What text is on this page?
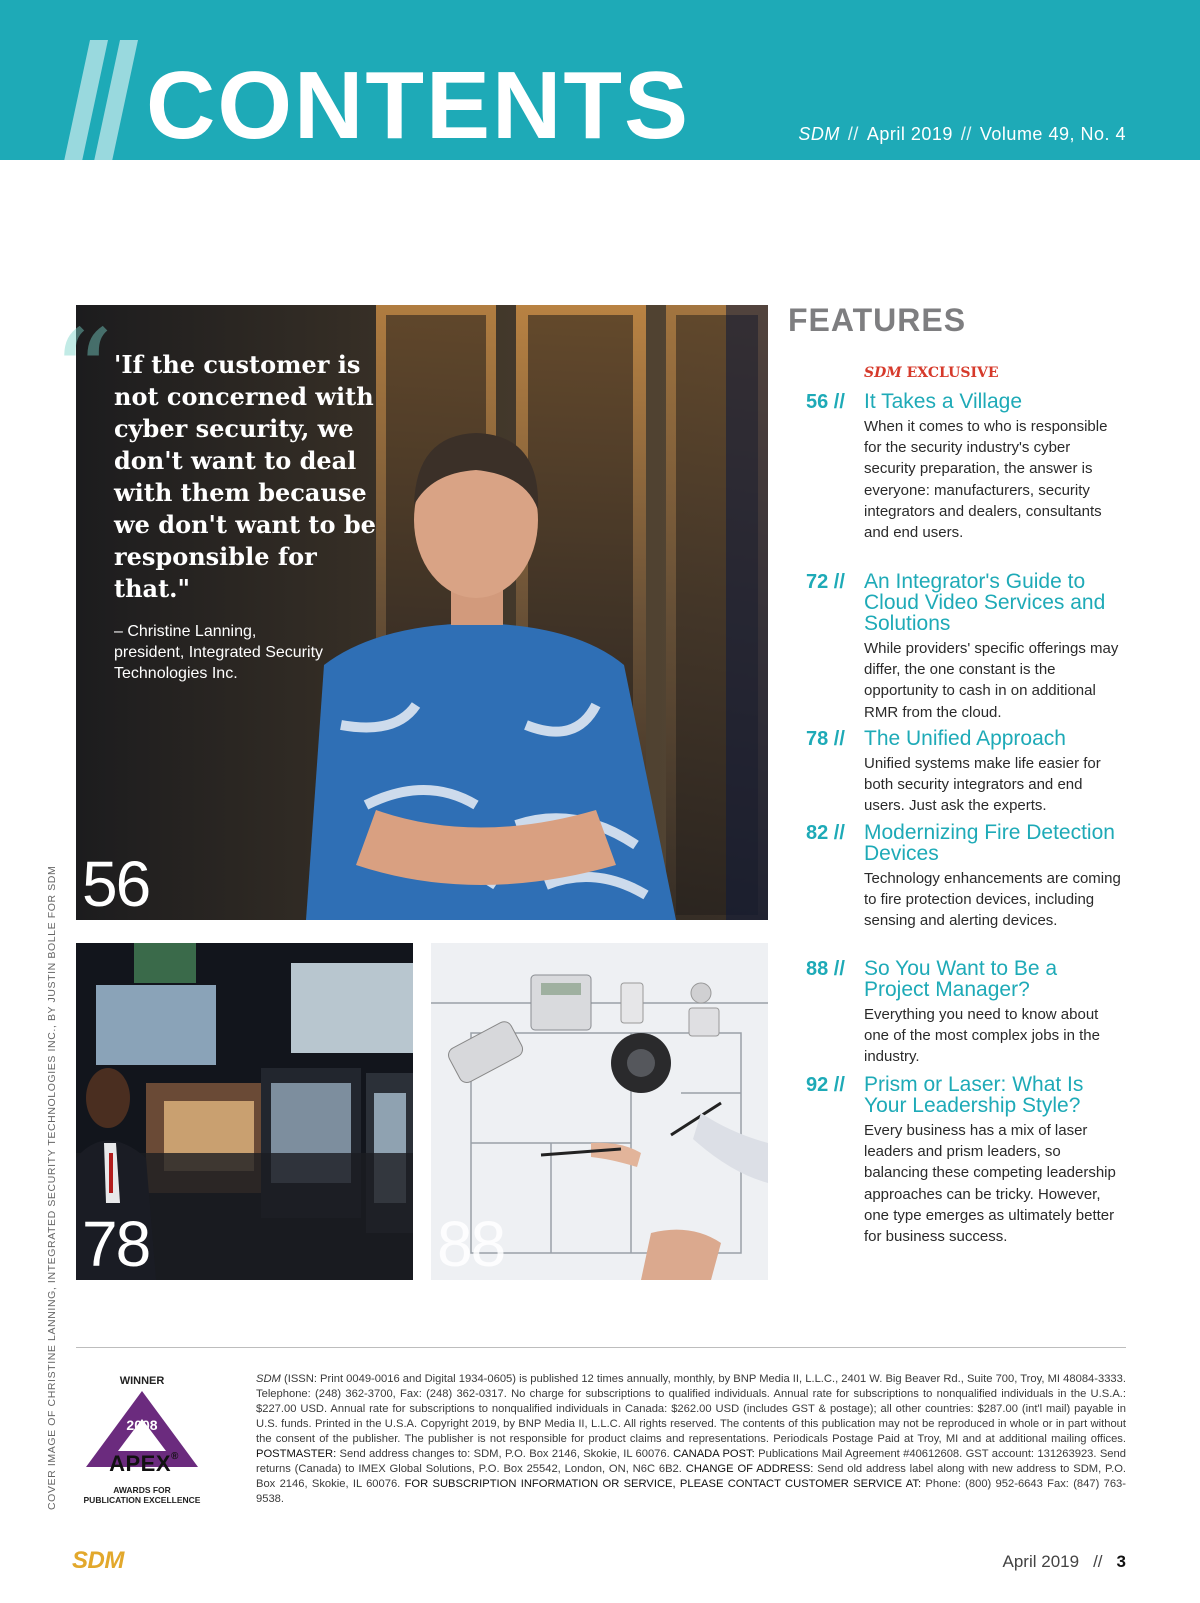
CONTENTS	SDM // April 2019 // Volume 49, No. 4
“ 'If the customer is not concerned with cyber security, we don't want to deal with them because we don't want to be responsible for that."

– Christine Lanning,
president, Integrated Security
Technologies Inc.
56
78	88
COVER IMAGE OF CHRISTINE LANNING, INTEGRATED SECURITY TECHNOLOGIES INC., BY JUSTIN BOLLE FOR SDM
FEATURES
SDM EXCLUSIVE
56 // It Takes a Village
When it comes to who is responsible for the security industry's cyber security preparation, the answer is everyone: manufacturers, security integrators and dealers, consultants and end users.
72 // An Integrator's Guide to Cloud Video Services and Solutions
While providers' specific offerings may differ, the one constant is the opportunity to cash in on additional RMR from the cloud.
78 // The Unified Approach
Unified systems make life easier for both security integrators and end users. Just ask the experts.
82 // Modernizing Fire Detection Devices
Technology enhancements are coming to fire protection devices, including sensing and alerting devices.
88 // So You Want to Be a Project Manager?
Everything you need to know about one of the most complex jobs in the industry.
92 // Prism or Laser: What Is Your Leadership Style?
Every business has a mix of laser leaders and prism leaders, so balancing these competing leadership approaches can be tricky. However, one type emerges as ultimately better for business success.
WINNER
2008
APEX®
AWARDS FOR
PUBLICATION EXCELLENCE

SDM (ISSN: Print 0049-0016 and Digital 1934-0605) is published 12 times annually, monthly, by BNP Media II, L.L.C., 2401 W. Big Beaver Rd., Suite 700, Troy, MI 48084-3333. Telephone: (248) 362-3700, Fax: (248) 362-0317. No charge for subscriptions to qualified individuals. Annual rate for subscriptions to nonqualified individuals in the U.S.A.: $227.00 USD. Annual rate for subscriptions to nonqualified individuals in Canada: $262.00 USD (includes GST & postage); all other countries: $287.00 (int'l mail) payable in U.S. funds. Printed in the U.S.A. Copyright 2019, by BNP Media II, L.L.C. All rights reserved. The contents of this publication may not be reproduced in whole or in part without the consent of the publisher. The publisher is not responsible for product claims and representations. Periodicals Postage Paid at Troy, MI and at additional mailing offices. POSTMASTER: Send address changes to: SDM, P.O. Box 2146, Skokie, IL 60076. CANADA POST: Publications Mail Agreement #40612608. GST account: 131263923. Send returns (Canada) to IMEX Global Solutions, P.O. Box 25542, London, ON, N6C 6B2. CHANGE OF ADDRESS: Send old address label along with new address to SDM, P.O. Box 2146, Skokie, IL 60076. FOR SUBSCRIPTION INFORMATION OR SERVICE, PLEASE CONTACT CUSTOMER SERVICE AT: Phone: (800) 952-6643 Fax: (847) 763-9538.

SDM	April 2019 // 3
